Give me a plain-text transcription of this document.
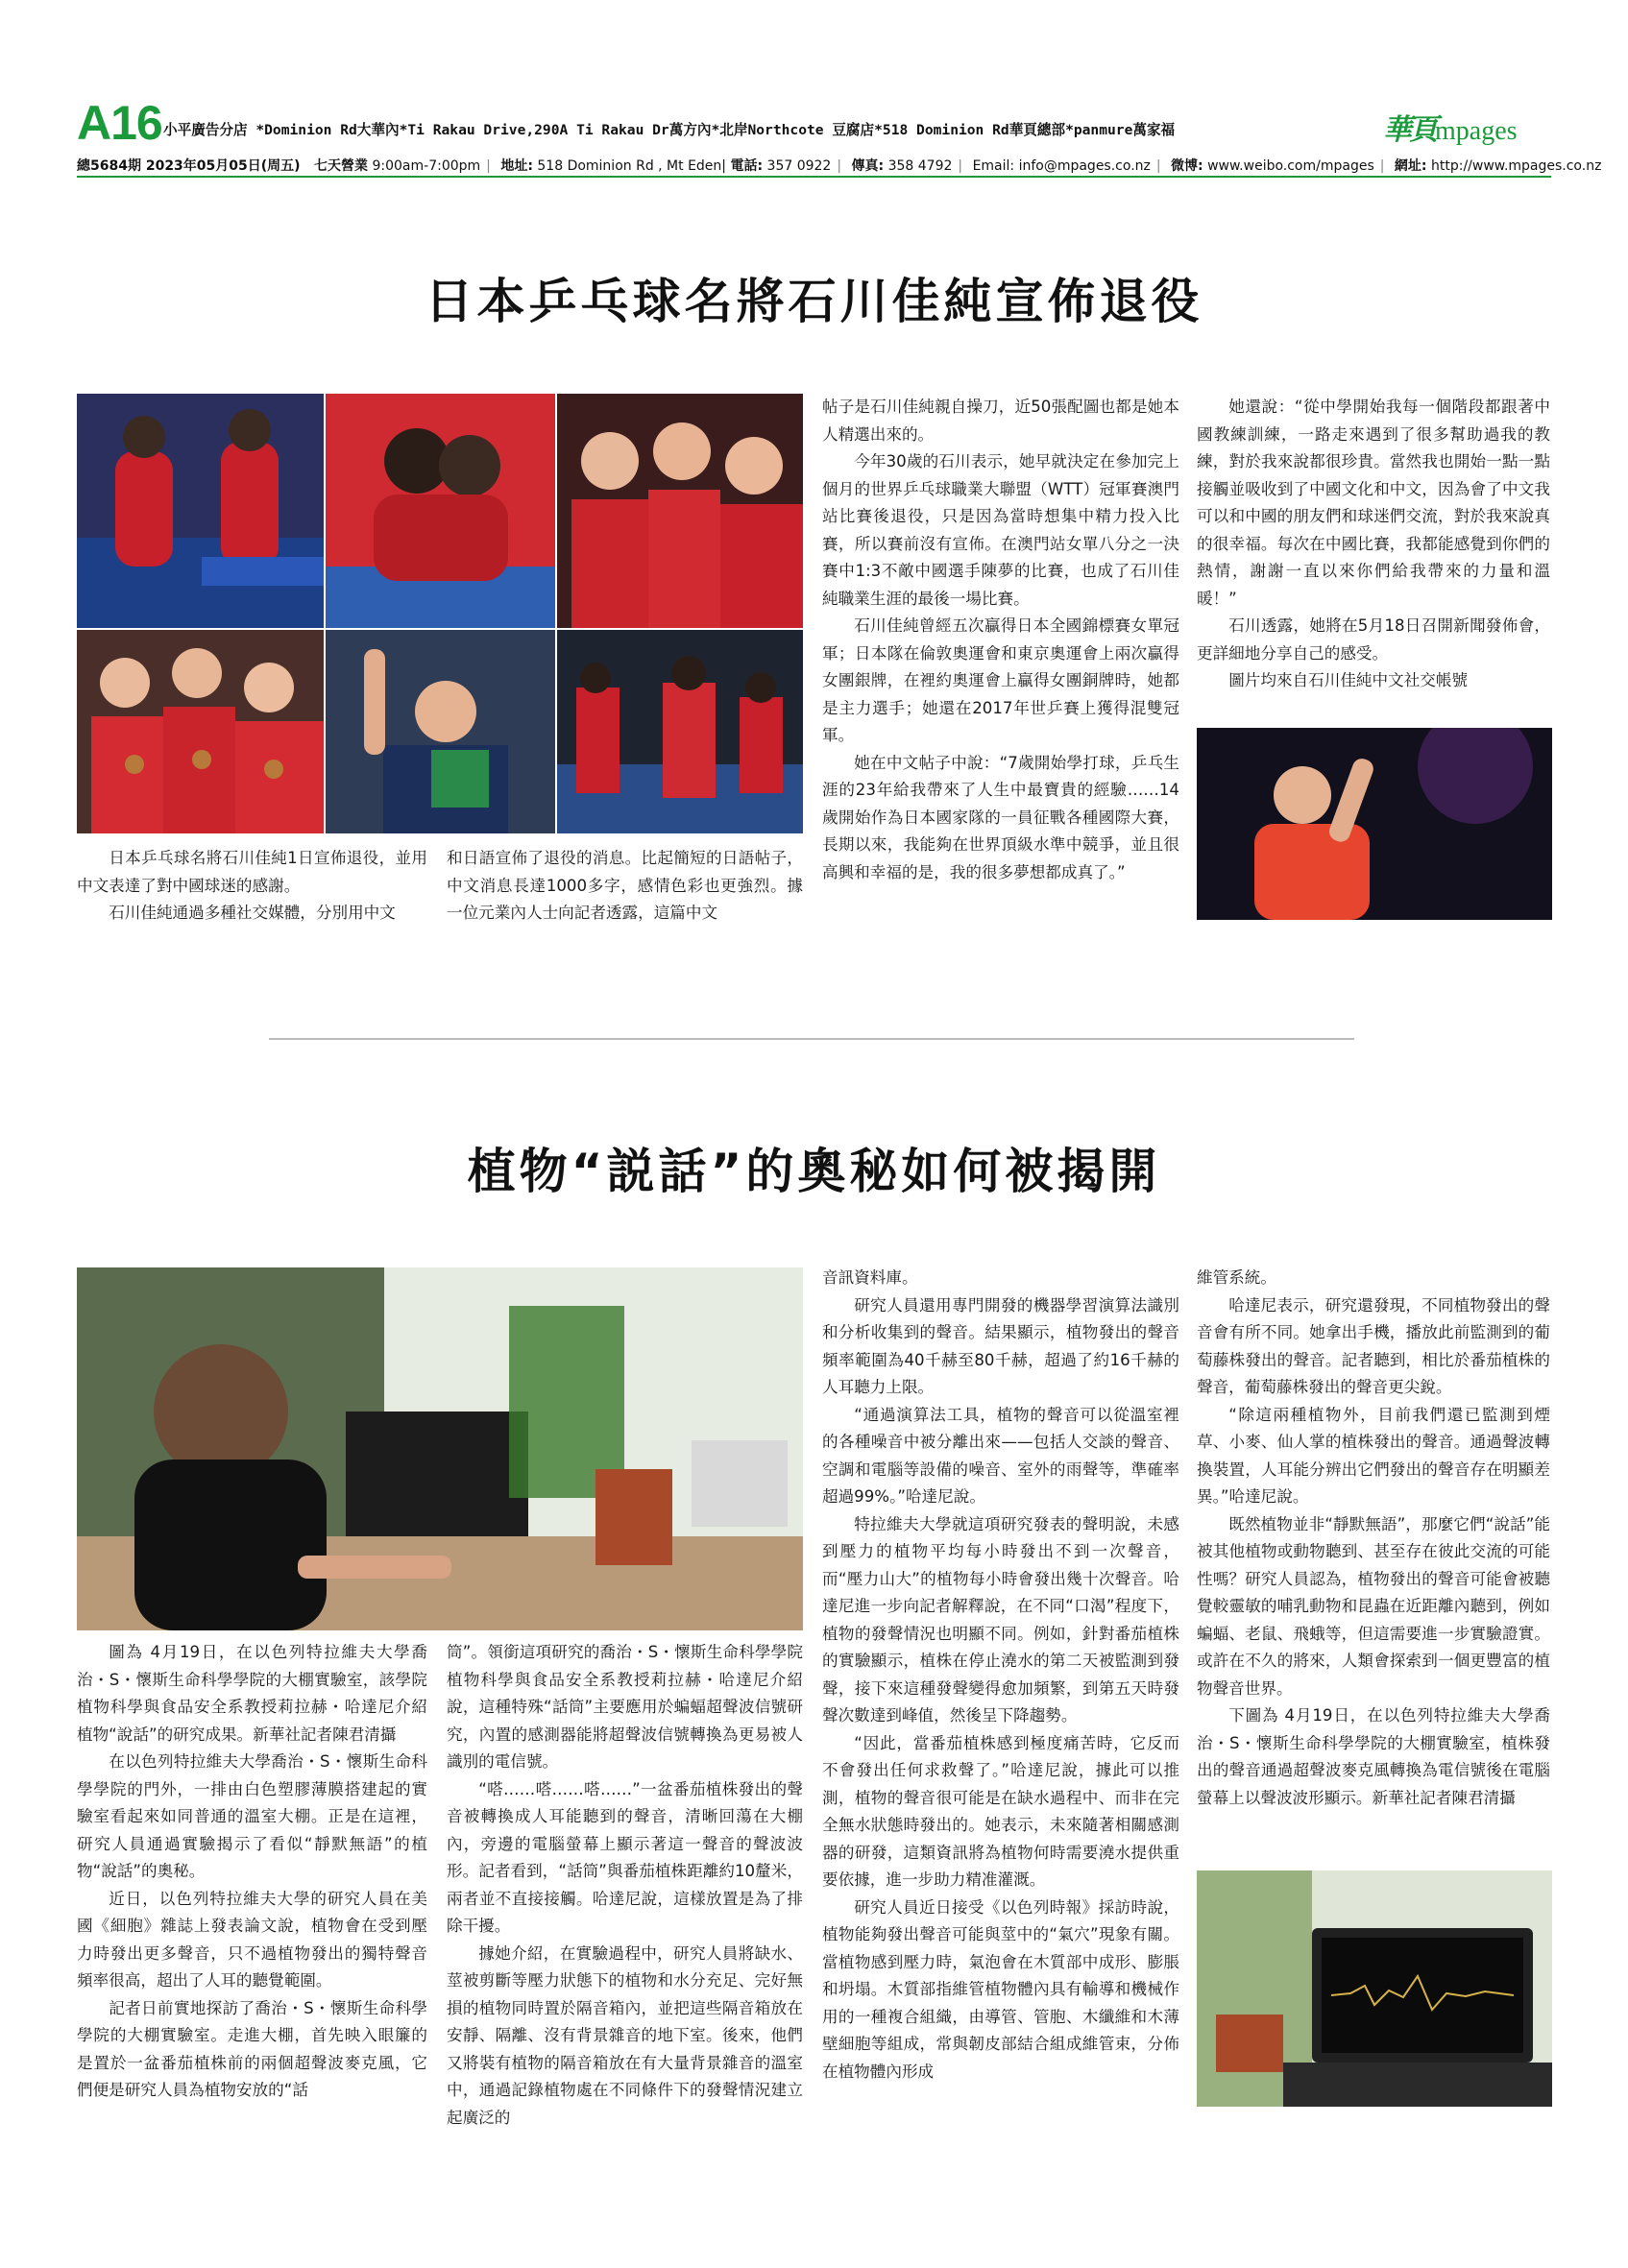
A16 小平廣告分店 *Dominion Rd大華內*Ti Rakau Drive,290A Ti Rakau Dr萬方內*北岸Northcote 豆腐店*518 Dominion Rd華頁總部*panmure萬家福
總5684期 2023年05月05日(周五) 七天營業 9:00am-7:00pm | 地址: 518 Dominion Rd , Mt Eden| 電話: 357 0922 | 傳真: 358 4792 | Email: info@mpages.co.nz | 微博: www.weibo.com/mpages | 網址: http://www.mpages.co.nz
華頁mpages
日本乒乓球名將石川佳純宣佈退役

日本乒乓球名將石川佳純1日宣佈退役，並用中文表達了對中國球迷的感謝。

石川佳純通過多種社交媒體，分別用中文

和日語宣佈了退役的消息。比起簡短的日語帖子，中文消息長達1000多字，感情色彩也更強烈。據一位元業內人士向記者透露，這篇中文

帖子是石川佳純親自操刀，近50張配圖也都是她本人精選出來的。

今年30歲的石川表示，她早就決定在參加完上個月的世界乒乓球職業大聯盟（WTT）冠軍賽澳門站比賽後退役，只是因為當時想集中精力投入比賽，所以賽前沒有宣佈。在澳門站女單八分之一決賽中1:3不敵中國選手陳夢的比賽，也成了石川佳純職業生涯的最後一場比賽。

石川佳純曾經五次贏得日本全國錦標賽女單冠軍；日本隊在倫敦奧運會和東京奧運會上兩次贏得女團銀牌，在裡約奧運會上贏得女團銅牌時，她都是主力選手；她還在2017年世乒賽上獲得混雙冠軍。

她在中文帖子中說：“7歲開始學打球，乒乓生涯的23年給我帶來了人生中最寶貴的經驗……14歲開始作為日本國家隊的一員征戰各種國際大賽，長期以來，我能夠在世界頂級水準中競爭，並且很高興和幸福的是，我的很多夢想都成真了。”

她還說：“從中學開始我每一個階段都跟著中國教練訓練，一路走來遇到了很多幫助過我的教練，對於我來說都很珍貴。當然我也開始一點一點接觸並吸收到了中國文化和中文，因為會了中文我可以和中國的朋友們和球迷們交流，對於我來說真的很幸福。每次在中國比賽，我都能感覺到你們的熱情，謝謝一直以來你們給我帶來的力量和溫暖！”

石川透露，她將在5月18日召開新聞發佈會，更詳細地分享自己的感受。

圖片均來自石川佳純中文社交帳號

植物“説話”的奧秘如何被揭開

圖為 4月19日，在以色列特拉維夫大學喬治・S・懷斯生命科學學院的大棚實驗室，該學院植物科學與食品安全系教授莉拉赫・哈達尼介紹植物“說話”的研究成果。新華社記者陳君清攝

在以色列特拉維夫大學喬治・S・懷斯生命科學學院的門外，一排由白色塑膠薄膜搭建起的實驗室看起來如同普通的溫室大棚。正是在這裡，研究人員通過實驗揭示了看似“靜默無語”的植物“說話”的奧秘。

近日，以色列特拉維夫大學的研究人員在美國《細胞》雜誌上發表論文說，植物會在受到壓力時發出更多聲音，只不過植物發出的獨特聲音頻率很高，超出了人耳的聽覺範圍。

記者日前實地探訪了喬治・S・懷斯生命科學學院的大棚實驗室。走進大棚，首先映入眼簾的是置於一盆番茄植株前的兩個超聲波麥克風，它們便是研究人員為植物安放的“話

筒”。領銜這項研究的喬治・S・懷斯生命科學學院植物科學與食品安全系教授莉拉赫・哈達尼介紹說，這種特殊“話筒”主要應用於蝙蝠超聲波信號研究，內置的感測器能將超聲波信號轉換為更易被人識別的電信號。

“嗒……嗒……嗒……”一盆番茄植株發出的聲音被轉換成人耳能聽到的聲音，清晰回蕩在大棚內，旁邊的電腦螢幕上顯示著這一聲音的聲波波形。記者看到，“話筒”與番茄植株距離約10釐米，兩者並不直接接觸。哈達尼說，這樣放置是為了排除干擾。

據她介紹，在實驗過程中，研究人員將缺水、莖被剪斷等壓力狀態下的植物和水分充足、完好無損的植物同時置於隔音箱內，並把這些隔音箱放在安靜、隔離、沒有背景雜音的地下室。後來，他們又將裝有植物的隔音箱放在有大量背景雜音的溫室中，通過記錄植物處在不同條件下的發聲情況建立起廣泛的

音訊資料庫。

研究人員還用專門開發的機器學習演算法識別和分析收集到的聲音。結果顯示，植物發出的聲音頻率範圍為40千赫至80千赫，超過了約16千赫的人耳聽力上限。

“通過演算法工具，植物的聲音可以從溫室裡的各種噪音中被分離出來——包括人交談的聲音、空調和電腦等設備的噪音、室外的雨聲等，準確率超過99%。”哈達尼說。

特拉維夫大學就這項研究發表的聲明說，未感到壓力的植物平均每小時發出不到一次聲音，而“壓力山大”的植物每小時會發出幾十次聲音。哈達尼進一步向記者解釋說，在不同“口渴”程度下，植物的發聲情況也明顯不同。例如，針對番茄植株的實驗顯示，植株在停止澆水的第二天被監測到發聲，接下來這種發聲變得愈加頻繁，到第五天時發聲次數達到峰值，然後呈下降趨勢。

“因此，當番茄植株感到極度痛苦時，它反而不會發出任何求救聲了。”哈達尼說，據此可以推測，植物的聲音很可能是在缺水過程中、而非在完全無水狀態時發出的。她表示，未來隨著相關感測器的研發，這類資訊將為植物何時需要澆水提供重要依據，進一步助力精准灌溉。

研究人員近日接受《以色列時報》採訪時說，植物能夠發出聲音可能與莖中的“氣穴”現象有關。當植物感到壓力時，氣泡會在木質部中成形、膨脹和坍塌。木質部指維管植物體內具有輸導和機械作用的一種複合組織，由導管、管胞、木纖維和木薄壁細胞等組成，常與韌皮部結合組成維管束，分佈在植物體內形成

維管系統。

哈達尼表示，研究還發現，不同植物發出的聲音會有所不同。她拿出手機，播放此前監測到的葡萄藤株發出的聲音。記者聽到，相比於番茄植株的聲音，葡萄藤株發出的聲音更尖銳。

“除這兩種植物外，目前我們還已監測到煙草、小麥、仙人掌的植株發出的聲音。通過聲波轉換裝置，人耳能分辨出它們發出的聲音存在明顯差異。”哈達尼說。

既然植物並非“靜默無語”，那麼它們“說話”能被其他植物或動物聽到、甚至存在彼此交流的可能性嗎？研究人員認為，植物發出的聲音可能會被聽覺較靈敏的哺乳動物和昆蟲在近距離內聽到，例如蝙蝠、老鼠、飛蛾等，但這需要進一步實驗證實。或許在不久的將來，人類會探索到一個更豐富的植物聲音世界。

下圖為 4月19日，在以色列特拉維夫大學喬治・S・懷斯生命科學學院的大棚實驗室，植株發出的聲音通過超聲波麥克風轉換為電信號後在電腦螢幕上以聲波波形顯示。新華社記者陳君清攝
